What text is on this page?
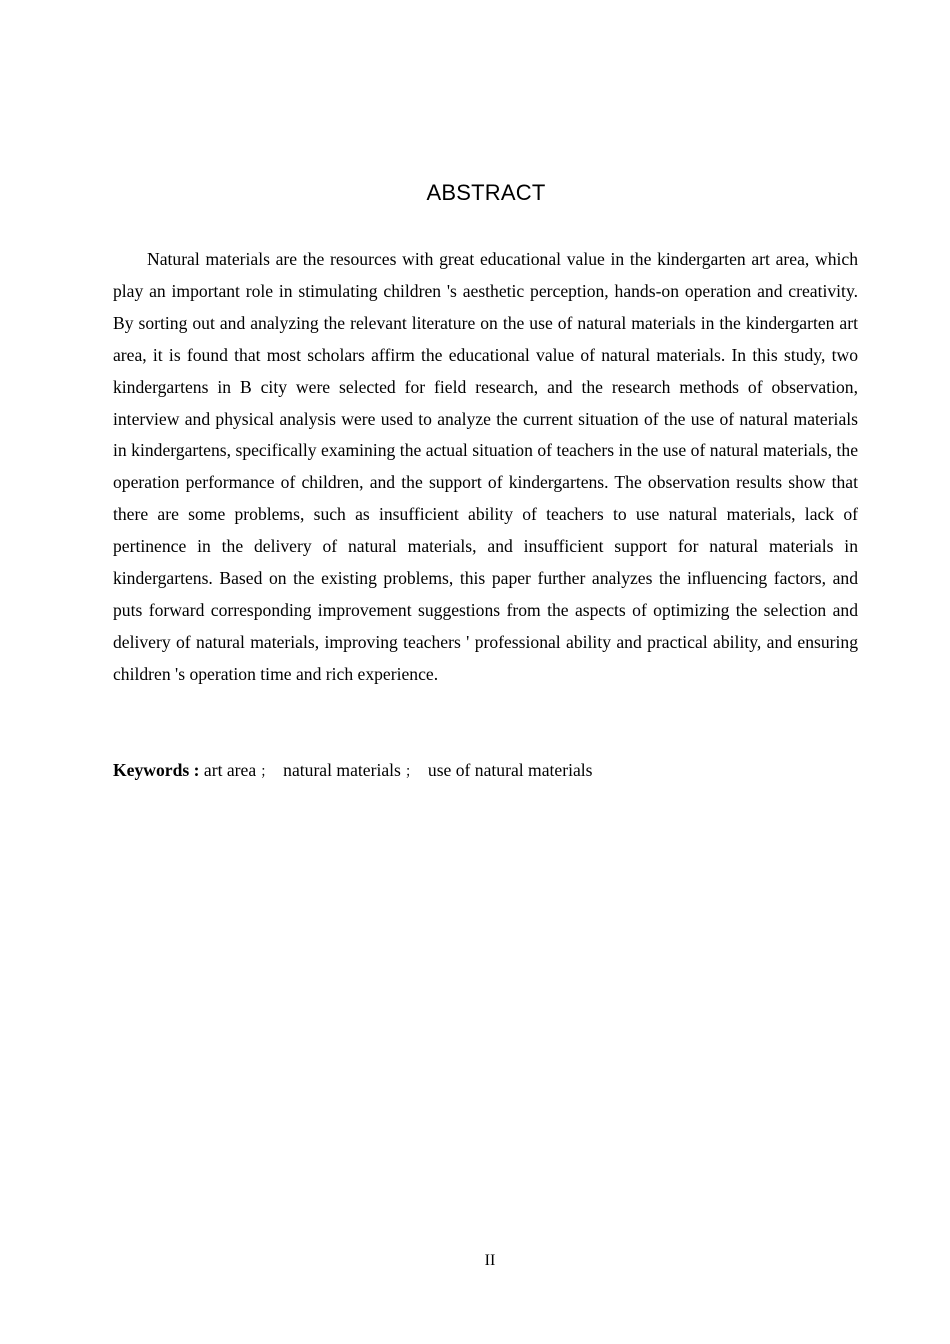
ABSTRACT

Natural materials are the resources with great educational value in the kindergarten art area, which play an important role in stimulating children 's aesthetic perception, hands-on operation and creativity. By sorting out and analyzing the relevant literature on the use of natural materials in the kindergarten art area, it is found that most scholars affirm the educational value of natural materials. In this study, two kindergartens in B city were selected for field research, and the research methods of observation, interview and physical analysis were used to analyze the current situation of the use of natural materials in kindergartens, specifically examining the actual situation of teachers in the use of natural materials, the operation performance of children, and the support of kindergartens. The observation results show that there are some problems, such as insufficient ability of teachers to use natural materials, lack of pertinence in the delivery of natural materials, and insufficient support for natural materials in kindergartens. Based on the existing problems, this paper further analyzes the influencing factors, and puts forward corresponding improvement suggestions from the aspects of optimizing the selection and delivery of natural materials, improving teachers ' professional ability and practical ability, and ensuring children 's operation time and rich experience.

Keywords : art area ； natural materials ； use of natural materials

II
